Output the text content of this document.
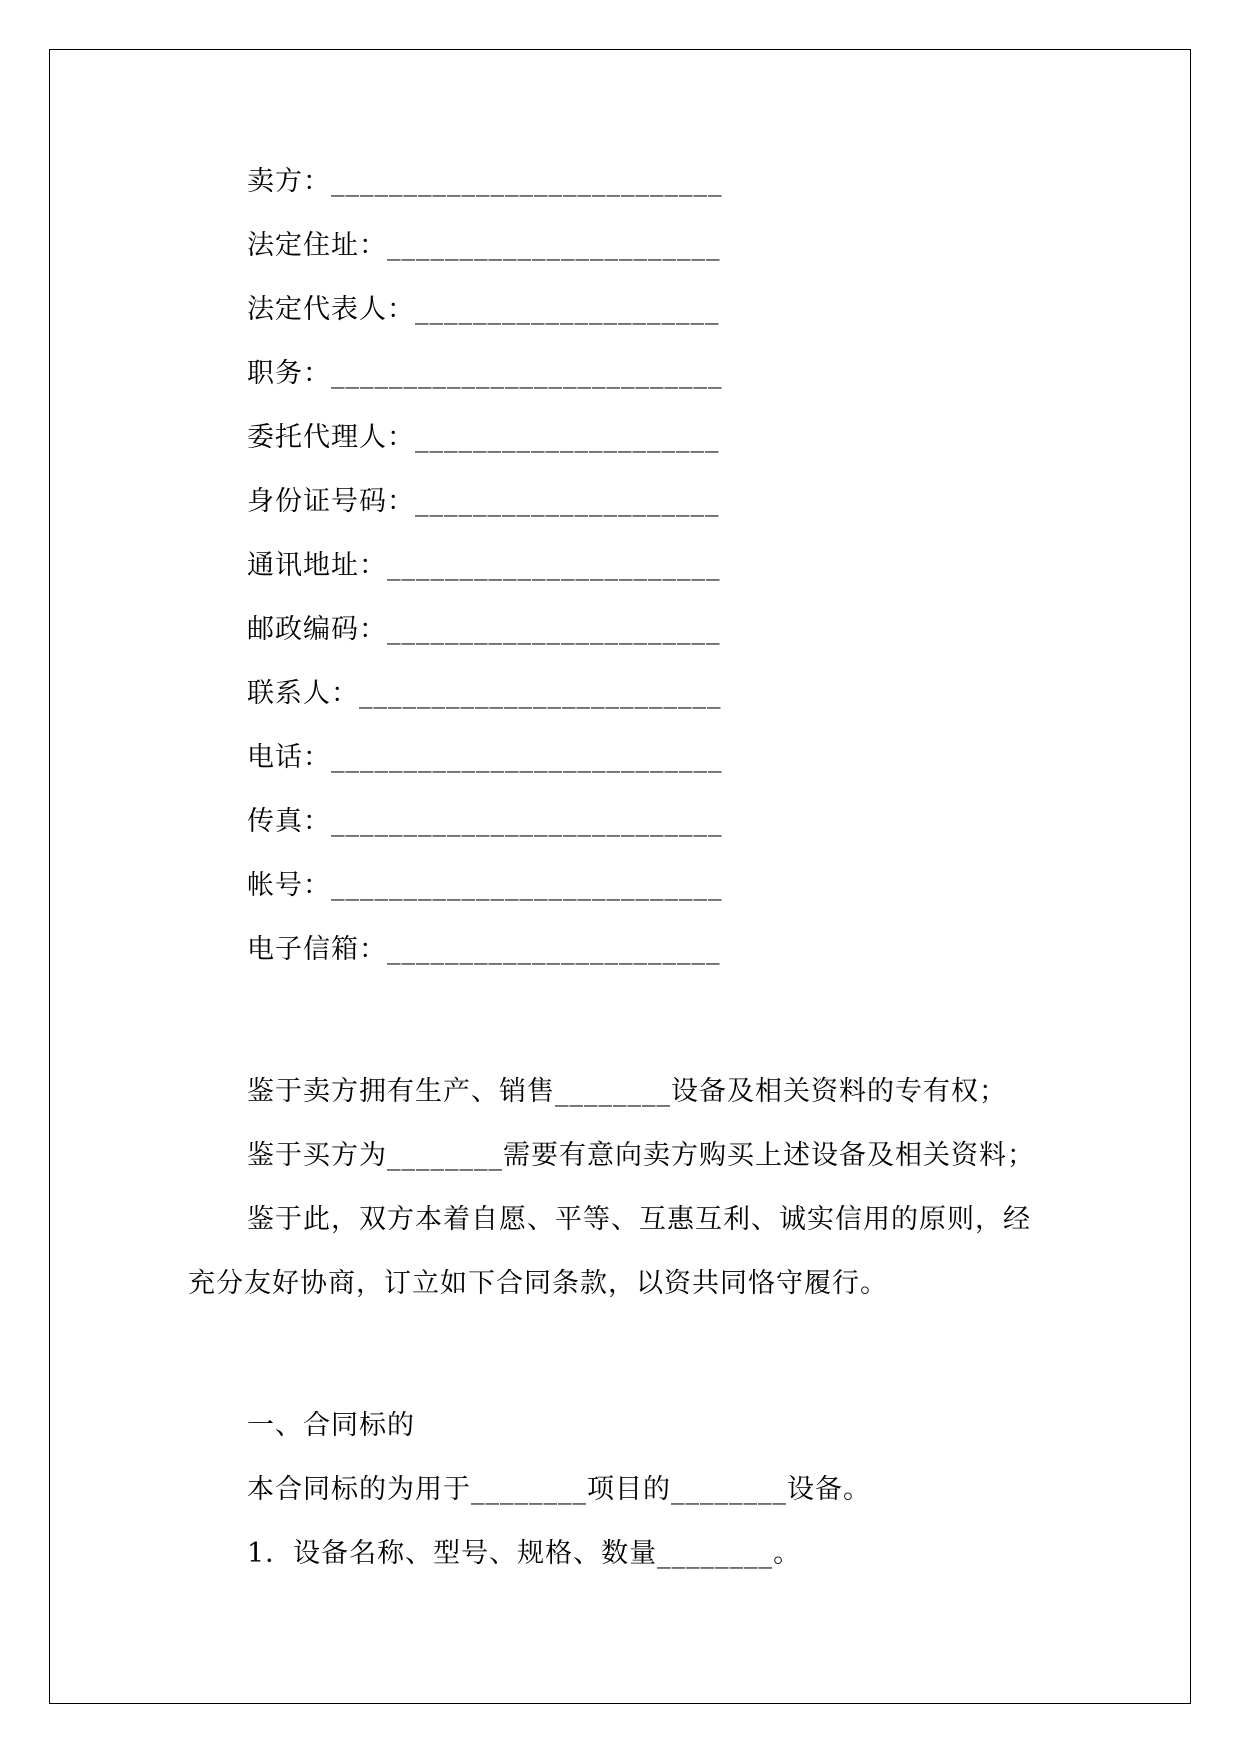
卖方：___________________________
法定住址：_______________________
法定代表人：_____________________
职务：___________________________
委托代理人：_____________________
身份证号码：_____________________
通讯地址：_______________________
邮政编码：_______________________
联系人：_________________________
电话：___________________________
传真：___________________________
帐号：___________________________
电子信箱：_______________________
鉴于卖方拥有生产、销售________设备及相关资料的专有权；
鉴于买方为________需要有意向卖方购买上述设备及相关资料；
鉴于此，双方本着自愿、平等、互惠互利、诚实信用的原则，经
充分友好协商，订立如下合同条款，以资共同恪守履行。
一、合同标的
本合同标的为用于________项目的________设备。
1．设备名称、型号、规格、数量________。
